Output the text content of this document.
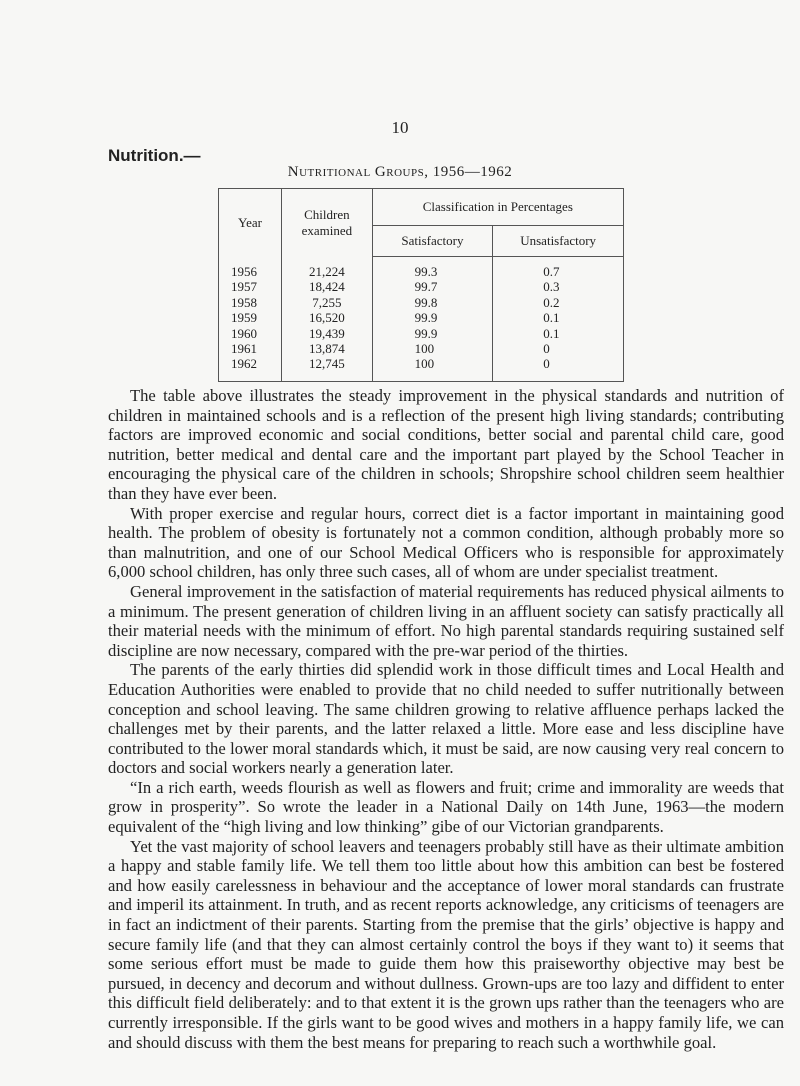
10
Nutrition.—
Nutritional Groups, 1956—1962
Year	Children examined	Classification in Percentages	
		Satisfactory	Unsatisfactory
1956	21,224	99.3	0.7
1957	18,424	99.7	0.3
1958	7,255	99.8	0.2
1959	16,520	99.9	0.1
1960	19,439	99.9	0.1
1961	13,874	100	0
1962	12,745	100	0

The table above illustrates the steady improvement in the physical standards and nutrition of children in maintained schools and is a reflection of the present high living standards; contributing factors are improved economic and social conditions, better social and parental child care, good nutrition, better medical and dental care and the important part played by the School Teacher in encouraging the physical care of the children in schools; Shropshire school children seem healthier than they have ever been.

With proper exercise and regular hours, correct diet is a factor important in maintaining good health. The problem of obesity is fortunately not a common condition, although probably more so than malnutrition, and one of our School Medical Officers who is responsible for approximately 6,000 school children, has only three such cases, all of whom are under specialist treatment.

General improvement in the satisfaction of material requirements has reduced physical ailments to a minimum. The present generation of children living in an affluent society can satisfy practically all their material needs with the minimum of effort. No high parental standards requiring sustained self discipline are now necessary, compared with the pre-war period of the thirties.

The parents of the early thirties did splendid work in those difficult times and Local Health and Education Authorities were enabled to provide that no child needed to suffer nutritionally between conception and school leaving. The same children growing to relative affluence perhaps lacked the challenges met by their parents, and the latter relaxed a little. More ease and less discipline have contributed to the lower moral standards which, it must be said, are now causing very real concern to doctors and social workers nearly a generation later.

“In a rich earth, weeds flourish as well as flowers and fruit; crime and immorality are weeds that grow in prosperity”. So wrote the leader in a National Daily on 14th June, 1963—the modern equivalent of the “high living and low thinking” gibe of our Victorian grandparents.

Yet the vast majority of school leavers and teenagers probably still have as their ultimate ambition a happy and stable family life. We tell them too little about how this ambition can best be fostered and how easily carelessness in behaviour and the acceptance of lower moral standards can frustrate and imperil its attainment. In truth, and as recent reports acknowledge, any criticisms of teenagers are in fact an indictment of their parents. Starting from the premise that the girls’ objective is happy and secure family life (and that they can almost certainly control the boys if they want to) it seems that some serious effort must be made to guide them how this praiseworthy objective may best be pursued, in decency and decorum and without dullness. Grown-ups are too lazy and diffident to enter this difficult field deliberately: and to that extent it is the grown ups rather than the teenagers who are currently irresponsible. If the girls want to be good wives and mothers in a happy family life, we can and should discuss with them the best means for preparing to reach such a worthwhile goal.
